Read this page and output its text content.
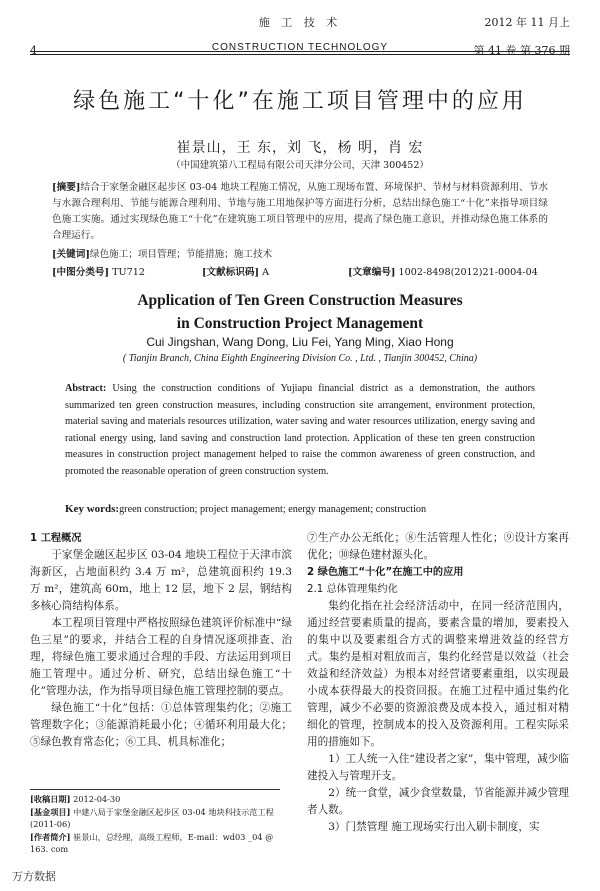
4
施 工 技 术
CONSTRUCTION TECHNOLOGY
2012 年 11 月上
第 41 卷 第 376 期
绿色施工“十化”在施工项目管理中的应用
崔景山，王 东，刘 飞，杨 明，肖 宏
（中国建筑第八工程局有限公司天津分公司，天津 300452）
[摘要]结合于家堡金融区起步区 03-04 地块工程施工情况，从施工现场布置、环境保护、节材与材料资源利用、节水与水源合理利用、节能与能源合理利用、节地与施工用地保护等方面进行分析，总结出绿色施工“十化”来指导项目绿色施工实施。通过实现绿色施工“十化”在建筑施工项目管理中的应用，提高了绿色施工意识，并推动绿色施工体系的合理运行。
[关键词]绿色施工；项目管理；节能措施；施工技术
[中图分类号] TU712	[文献标识码] A	[文章编号] 1002-8498(2012)21-0004-04
Application of Ten Green Construction Measures
in Construction Project Management
Cui Jingshan, Wang Dong, Liu Fei, Yang Ming, Xiao Hong
( Tianjin Branch, China Eighth Engineering Division Co. , Ltd. , Tianjin 300452, China)
Abstract: Using the construction conditions of Yujiapu financial district as a demonstration, the authors summarized ten green construction measures, including construction site arrangement, environment protection, material saving and materials resources utilization, water saving and water resources utilization, energy saving and rational energy using, land saving and construction land protection. Application of these ten green construction measures in construction project management helped to raise the common awareness of green construction, and promoted the reasonable operation of green construction system.
Key words:green construction; project management; energy management; construction

1 工程概况

于家堡金融区起步区 03-04 地块工程位于天津市滨海新区，占地面积约 3.4 万 m²，总建筑面积约 19.3 万 m²，建筑高 60m，地上 12 层，地下 2 层，钢结构多核心筒结构体系。

本工程项目管理中严格按照绿色建筑评价标准中“绿色三星”的要求，并结合工程的自身情况逐项排查、治理，将绿色施工要求通过合理的手段、方法运用到项目施工管理中。通过分析、研究，总结出绿色施工“十化”管理办法，作为指导项目绿色施工管理控制的要点。

绿色施工“十化”包括：①总体管理集约化；②施工管理数字化；③能源消耗最小化；④循环利用最大化；⑤绿色教育常态化；⑥工具、机具标准化；

⑦生产办公无纸化；⑧生活管理人性化；⑨设计方案再优化；⑩绿色建材源头化。

2 绿色施工“十化”在施工中的应用

2.1 总体管理集约化

集约化指在社会经济活动中，在同一经济范围内，通过经营要素质量的提高，要素含量的增加，要素投入的集中以及要素组合方式的调整来增进效益的经营方式。集约是相对粗放而言，集约化经营是以效益（社会效益和经济效益）为根本对经营诸要素重组，以实现最小成本获得最大的投资回报。在施工过程中通过集约化管理，减少不必要的资源浪费及成本投入，通过相对精细化的管理，控制成本的投入及资源利用。工程实际采用的措施如下。

1）工人统一入住“建设者之家”，集中管理，减少临建投入与管理开支。

2）统一食堂，减少食堂数量，节省能源并减少管理者人数。

3）门禁管理 施工现场实行出入刷卡制度，实

[收稿日期] 2012-04-30
[基金项目] 中建八局于家堡金融区起步区 03-04 地块科技示范工程(2011-06)
[作者简介] 崔景山，总经理，高级工程师，E-mail：wd03 _04 @ 163. com
万方数据
